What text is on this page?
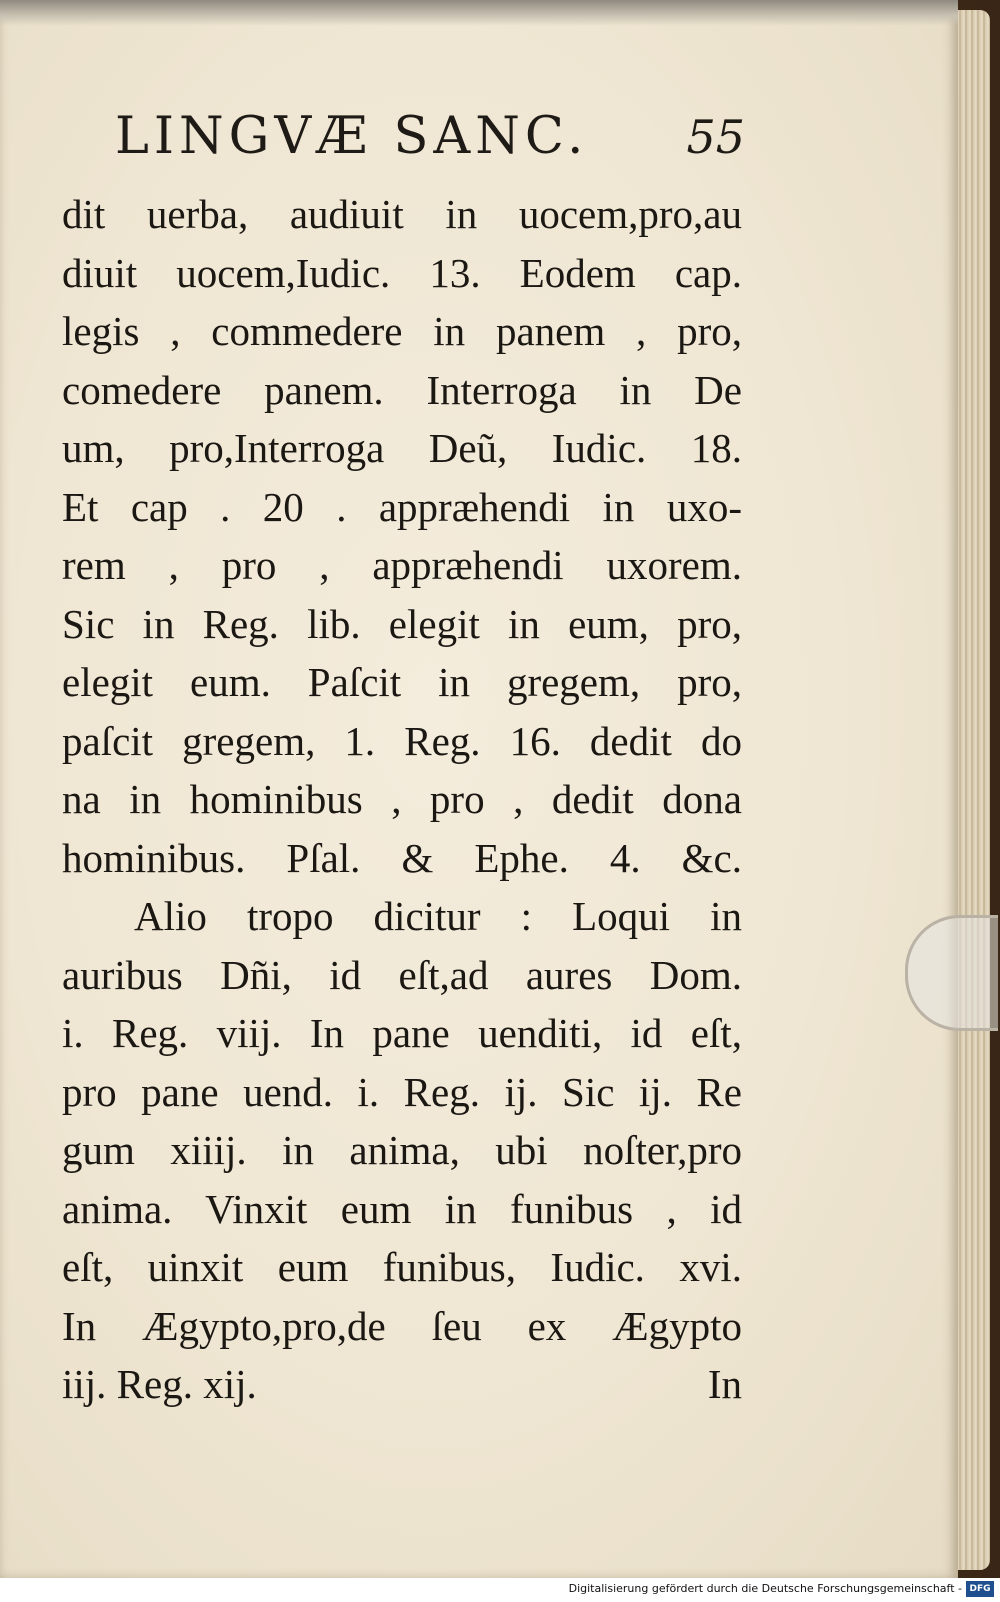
LINGVÆ SANC. 55
dit uerba, audiuit in uocem,pro,au
diuit uocem,Iudic. 13. Eodem cap.
legis , commedere in panem , pro,
comedere panem. Interroga in De
um, pro,Interroga Deũ, Iudic. 18.
Et cap . 20 . appræhendi in uxo-
rem , pro , appræhendi uxorem.
Sic in Reg. lib. elegit in eum, pro,
elegit eum. Paſcit in gregem, pro,
paſcit gregem, 1. Reg. 16. dedit do
na in hominibus , pro , dedit dona
hominibus. Pſal. & Ephe. 4. &c.
Alio tropo dicitur : Loqui in
auribus Dñi, id eſt,ad aures Dom.
i. Reg. viij. In pane uenditi, id eſt,
pro pane uend. i. Reg. ij. Sic ij. Re
gum xiiij. in anima, ubi noſter,pro
anima. Vinxit eum in funibus , id
eſt, uinxit eum funibus, Iudic. xvi.
In Ægypto,pro,de ſeu ex Ægypto
iij. Reg. xij.	In
Digitalisierung gefördert durch die Deutsche Forschungsgemeinschaft - DFG
